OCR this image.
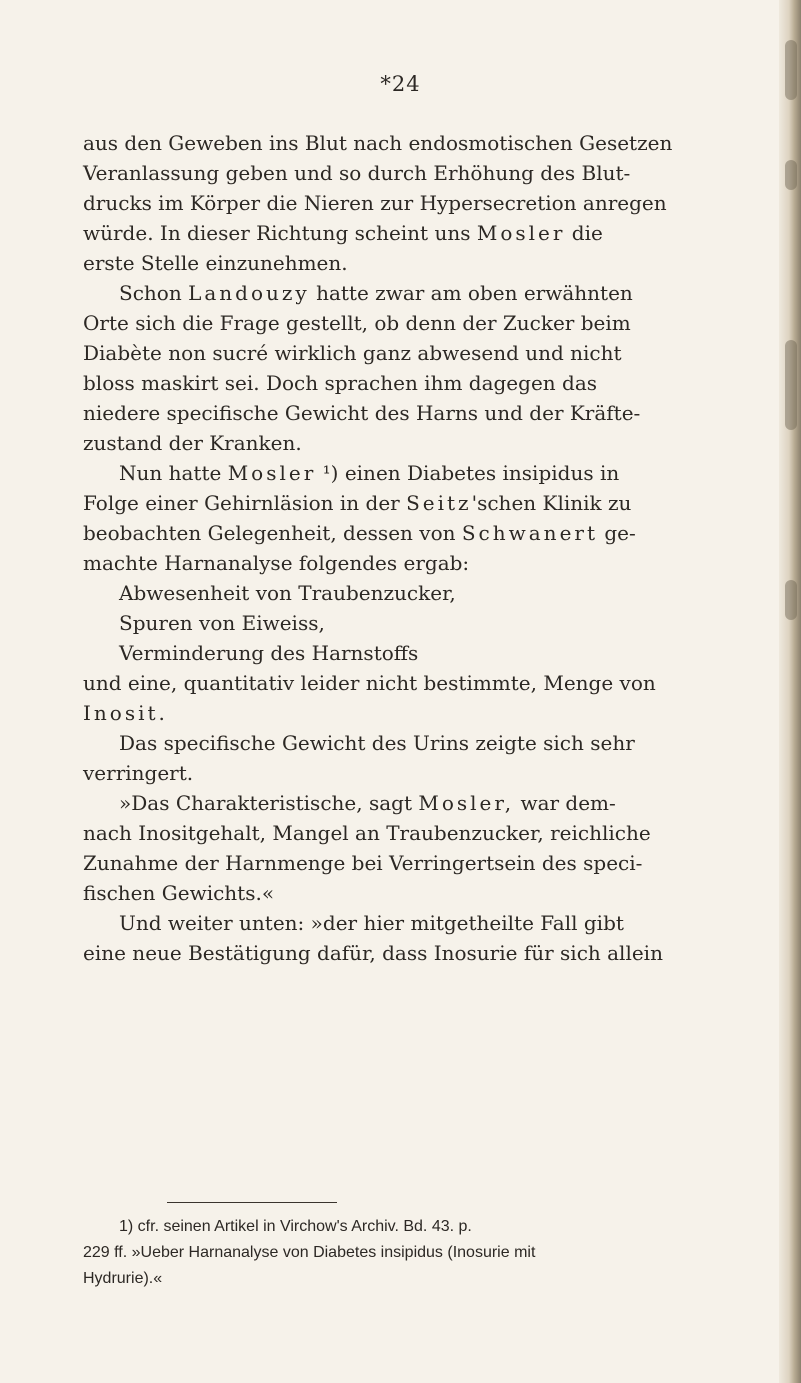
*24
aus den Geweben ins Blut nach endosmotischen Gesetzen
Veranlassung geben und so durch Erhöhung des Blut-
drucks im Körper die Nieren zur Hypersecretion anregen
würde. In dieser Richtung scheint uns Mosler die
erste Stelle einzunehmen.
Schon Landouzy hatte zwar am oben erwähnten
Orte sich die Frage gestellt, ob denn der Zucker beim
Diabète non sucré wirklich ganz abwesend und nicht
bloss maskirt sei. Doch sprachen ihm dagegen das
niedere specifische Gewicht des Harns und der Kräfte-
zustand der Kranken.
Nun hatte Mosler ¹) einen Diabetes insipidus in
Folge einer Gehirnläsion in der Seitz'schen Klinik zu
beobachten Gelegenheit, dessen von Schwanert ge-
machte Harnanalyse folgendes ergab:
Abwesenheit von Traubenzucker,
Spuren von Eiweiss,
Verminderung des Harnstoffs
und eine, quantitativ leider nicht bestimmte, Menge von
Inosit.
Das specifische Gewicht des Urins zeigte sich sehr
verringert.
»Das Charakteristische, sagt Mosler, war dem-
nach Inositgehalt, Mangel an Traubenzucker, reichliche
Zunahme der Harnmenge bei Verringertsein des speci-
fischen Gewichts.«
Und weiter unten: »der hier mitgetheilte Fall gibt
eine neue Bestätigung dafür, dass Inosurie für sich allein
1) cfr. seinen Artikel in Virchow's Archiv. Bd. 43. p.
229 ff. »Ueber Harnanalyse von Diabetes insipidus (Inosurie mit
Hydrurie).«
